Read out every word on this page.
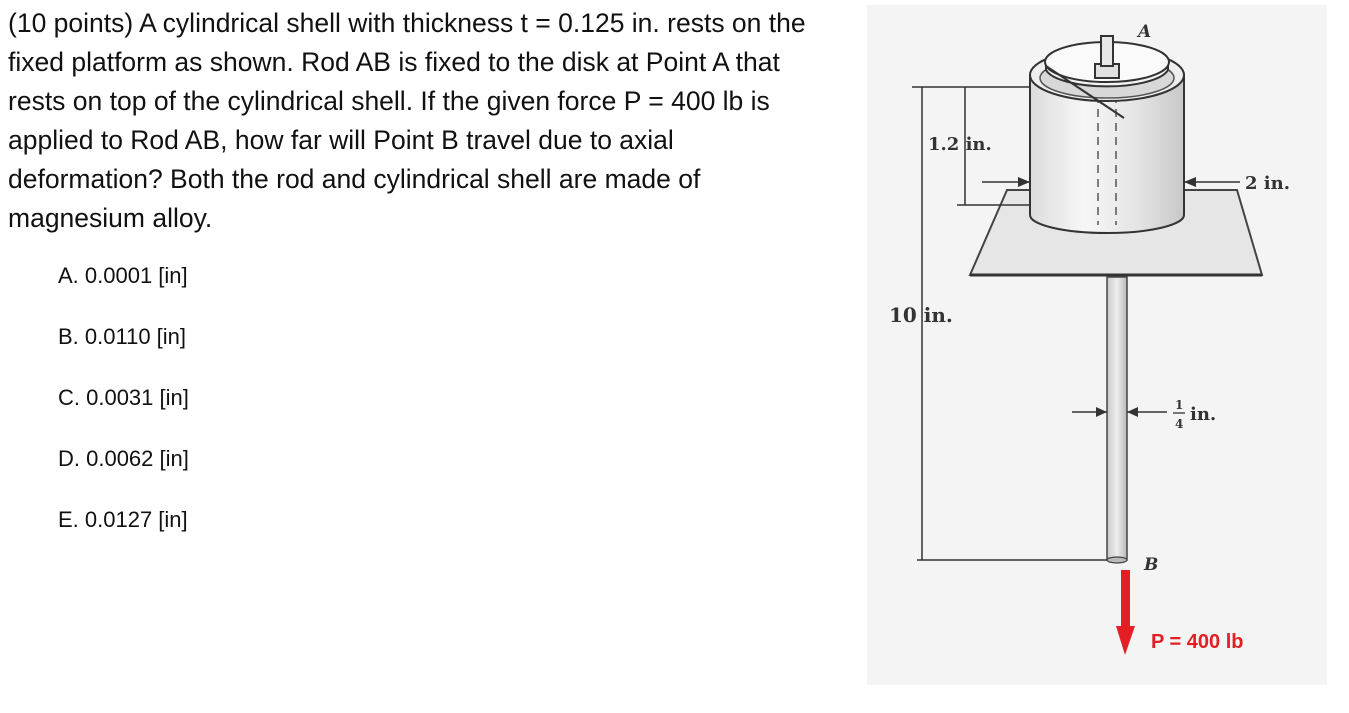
(10 points) A cylindrical shell with thickness t = 0.125 in. rests on the fixed platform as shown. Rod AB is fixed to the disk at Point A that rests on top of the cylindrical shell. If the given force P = 400 lb is applied to Rod AB, how far will Point B travel due to axial deformation? Both the rod and cylindrical shell are made of magnesium alloy.

A. 0.0001 [in]
B. 0.0110 [in]
C. 0.0031 [in]
D. 0.0062 [in]
E. 0.0127 [in]
A
B
10 in.
1.2 in.
2 in.
1
4 in.
P = 400 lb
